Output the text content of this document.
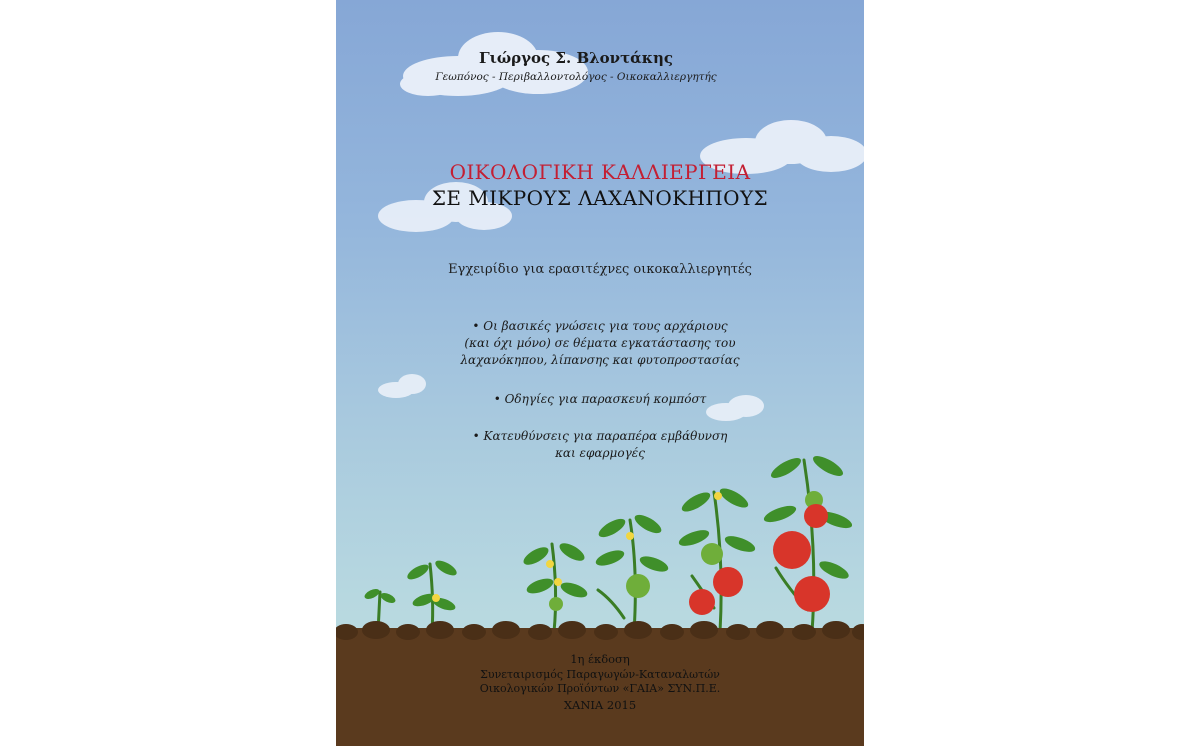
Γιώργος Σ. Βλοντάκης
Γεωπόνος - Περιβαλλοντολόγος - Οικοκαλλιεργητής
ΟΙΚΟΛΟΓΙΚΗ ΚΑΛΛΙΕΡΓΕΙΑ
ΣΕ ΜΙΚΡΟΥΣ ΛΑΧΑΝΟΚΗΠΟΥΣ
Εγχειρίδιο για ερασιτέχνες οικοκαλλιεργητές
• Οι βασικές γνώσεις για τους αρχάριους
(και όχι μόνο) σε θέματα εγκατάστασης του
λαχανόκηπου, λίπανσης και φυτοπροστασίας
• Οδηγίες για παρασκευή κομπόστ
• Κατευθύνσεις για παραπέρα εμβάθυνση
και εφαρμογές
1η έκδοση
Συνεταιρισμός Παραγωγών-Καταναλωτών
Οικολογικών Προϊόντων «ΓΑΙΑ» ΣΥΝ.Π.Ε.
ΧΑΝΙΑ 2015
